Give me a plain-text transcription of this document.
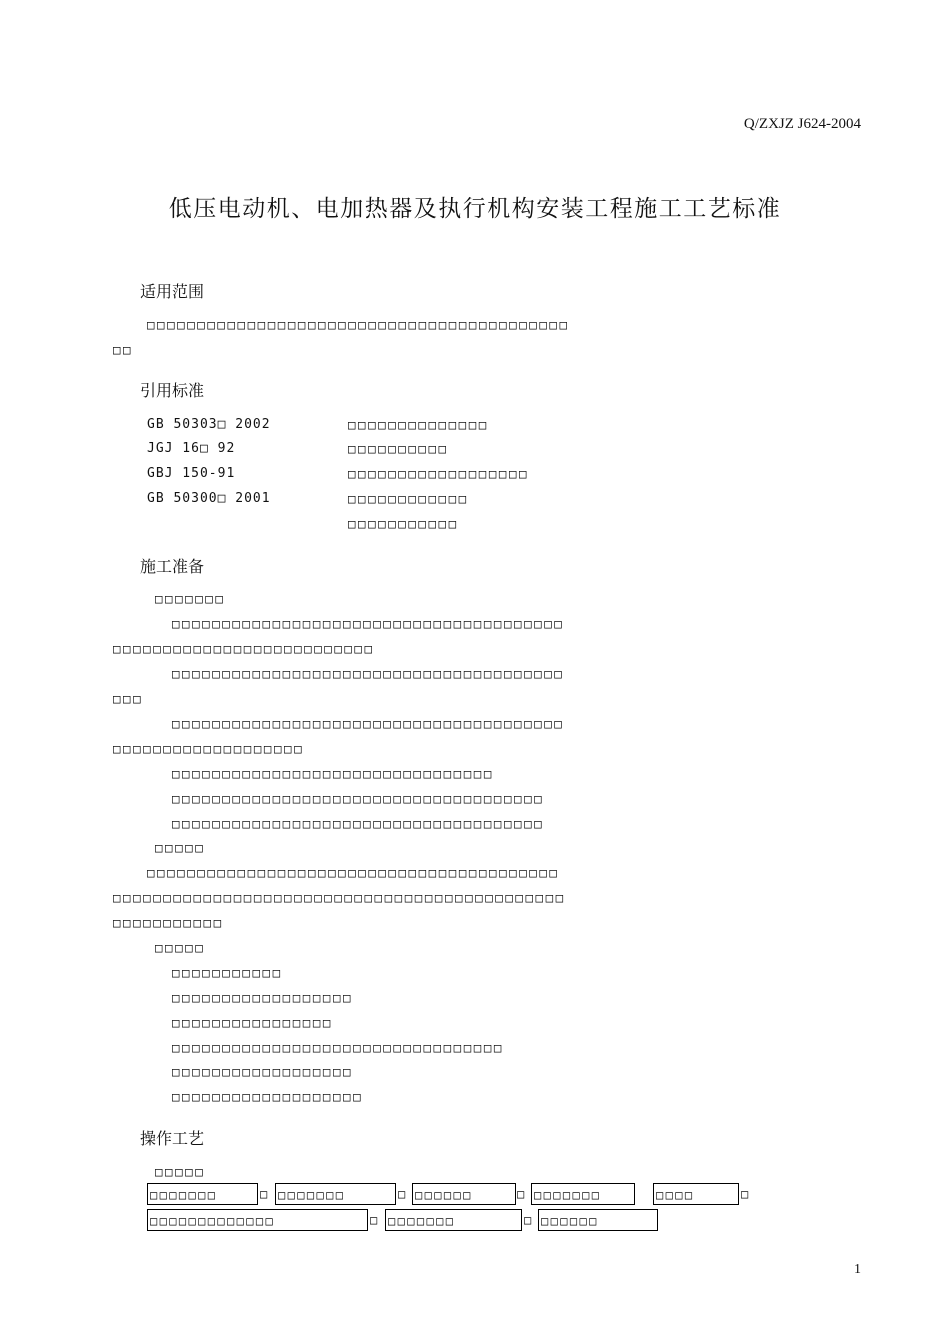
Q/ZXJZ J624-2004
低压电动机、电加热器及执行机构安装工程施工工艺标准
适用范围
□□□□□□□□□□□□□□□□□□□□□□□□□□□□□□□□□□□□□□□□□□
□□
引用标准
GB 50303□ 2002	□□□□□□□□□□□□□□
JGJ 16□ 92	□□□□□□□□□□
GBJ 150-91	□□□□□□□□□□□□□□□□□□
GB 50300□ 2001	□□□□□□□□□□□□
□□□□□□□□□□□
施工准备
□□□□□□□
□□□□□□□□□□□□□□□□□□□□□□□□□□□□□□□□□□□□□□□
□□□□□□□□□□□□□□□□□□□□□□□□□□
□□□□□□□□□□□□□□□□□□□□□□□□□□□□□□□□□□□□□□□
□□□
□□□□□□□□□□□□□□□□□□□□□□□□□□□□□□□□□□□□□□□
□□□□□□□□□□□□□□□□□□□
□□□□□□□□□□□□□□□□□□□□□□□□□□□□□□□□
□□□□□□□□□□□□□□□□□□□□□□□□□□□□□□□□□□□□□
□□□□□□□□□□□□□□□□□□□□□□□□□□□□□□□□□□□□□
□□□□□
□□□□□□□□□□□□□□□□□□□□□□□□□□□□□□□□□□□□□□□□□
□□□□□□□□□□□□□□□□□□□□□□□□□□□□□□□□□□□□□□□□□□□□□
□□□□□□□□□□□
□□□□□
□□□□□□□□□□□
□□□□□□□□□□□□□□□□□□
□□□□□□□□□□□□□□□□
□□□□□□□□□□□□□□□□□□□□□□□□□□□□□□□□□
□□□□□□□□□□□□□□□□□□
□□□□□□□□□□□□□□□□□□□
操作工艺
□□□□□
□□□□□□□	□ □□□□□□□	□ □□□□□□	□ □□□□□□□	□□□□	□
□□□□□□□□□□□□□	□ □□□□□□□	□ □□□□□□
1
